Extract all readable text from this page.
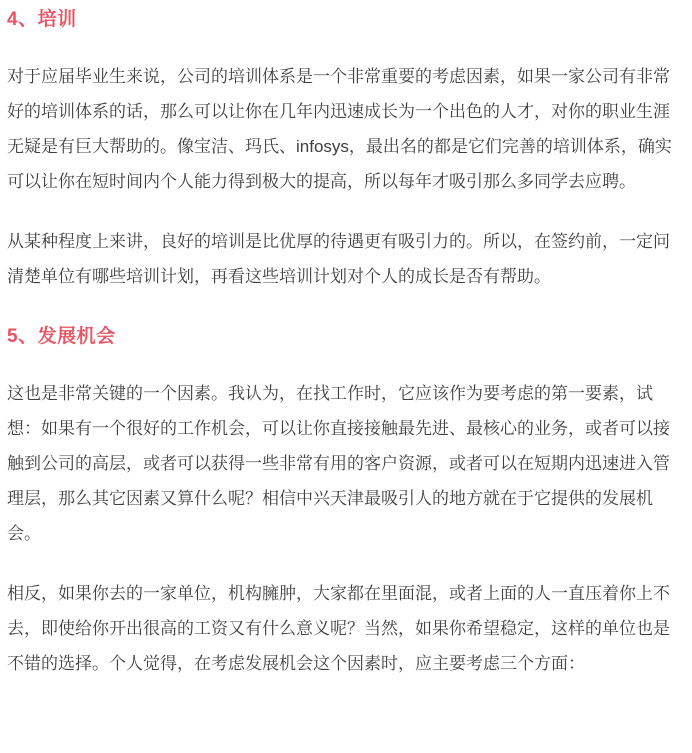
4、培训

对于应届毕业生来说，公司的培训体系是一个非常重要的考虑因素，如果一家公司有非常好的培训体系的话，那么可以让你在几年内迅速成长为一个出色的人才，对你的职业生涯无疑是有巨大帮助的。像宝洁、玛氏、infosys，最出名的都是它们完善的培训体系，确实可以让你在短时间内个人能力得到极大的提高，所以每年才吸引那么多同学去应聘。

从某种程度上来讲，良好的培训是比优厚的待遇更有吸引力的。所以，在签约前，一定问清楚单位有哪些培训计划，再看这些培训计划对个人的成长是否有帮助。

5、发展机会

这也是非常关键的一个因素。我认为，在找工作时，它应该作为要考虑的第一要素，试想：如果有一个很好的工作机会，可以让你直接接触最先进、最核心的业务，或者可以接触到公司的高层，或者可以获得一些非常有用的客户资源，或者可以在短期内迅速进入管理层，那么其它因素又算什么呢？相信中兴天津最吸引人的地方就在于它提供的发展机会。

相反，如果你去的一家单位，机构臃肿，大家都在里面混，或者上面的人一直压着你上不去，即使给你开出很高的工资又有什么意义呢？当然，如果你希望稳定，这样的单位也是不错的选择。个人觉得，在考虑发展机会这个因素时，应主要考虑三个方面：
